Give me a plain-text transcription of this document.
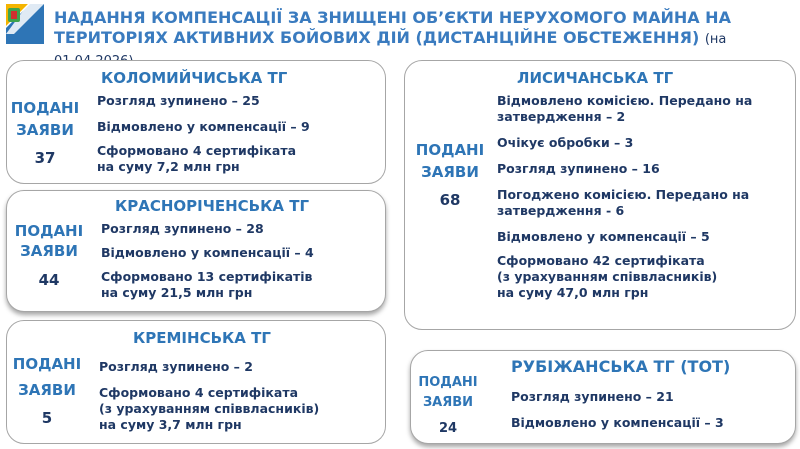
НАДАННЯ КОМПЕНСАЦІЇ ЗА ЗНИЩЕНІ ОБ’ЄКТИ НЕРУХОМОГО МАЙНА НА ТЕРИТОРІЯХ АКТИВНИХ БОЙОВИХ ДІЙ (ДИСТАНЦІЙНЕ ОБСТЕЖЕННЯ) (на
КОЛОМИЙЧИСЬКА ТГ
ПОДАНІ
ЗАЯВИ
37
Розгляд зупинено – 25
Відмовлено у компенсації – 9
Сформовано 4 сертифіката
на суму 7,2 млн грн
КРАСНОРІЧЕНСЬКА ТГ
ПОДАНІ
ЗАЯВИ
44
Розгляд зупинено – 28
Відмовлено у компенсації – 4
Сформовано 13 сертифікатів
на суму 21,5 млн грн
КРЕМІНСЬКА ТГ
ПОДАНІ
ЗАЯВИ
5
Розгляд зупинено – 2
Сформовано 4 сертифіката
(з урахуванням співвласників)
на суму 3,7 млн грн
ЛИСИЧАНСЬКА ТГ
ПОДАНІ
ЗАЯВИ
68
Відмовлено комісією. Передано на
затвердження – 2
Очікує обробки – 3
Розгляд зупинено – 16
Погоджено комісією. Передано на
затвердження - 6
Відмовлено у компенсації – 5
Сформовано 42 сертифіката
(з урахуванням співвласників)
на суму 47,0 млн грн
РУБІЖАНСЬКА ТГ (ТОТ)
ПОДАНІ
ЗАЯВИ
24
Розгляд зупинено – 21
Відмовлено у компенсації – 3
